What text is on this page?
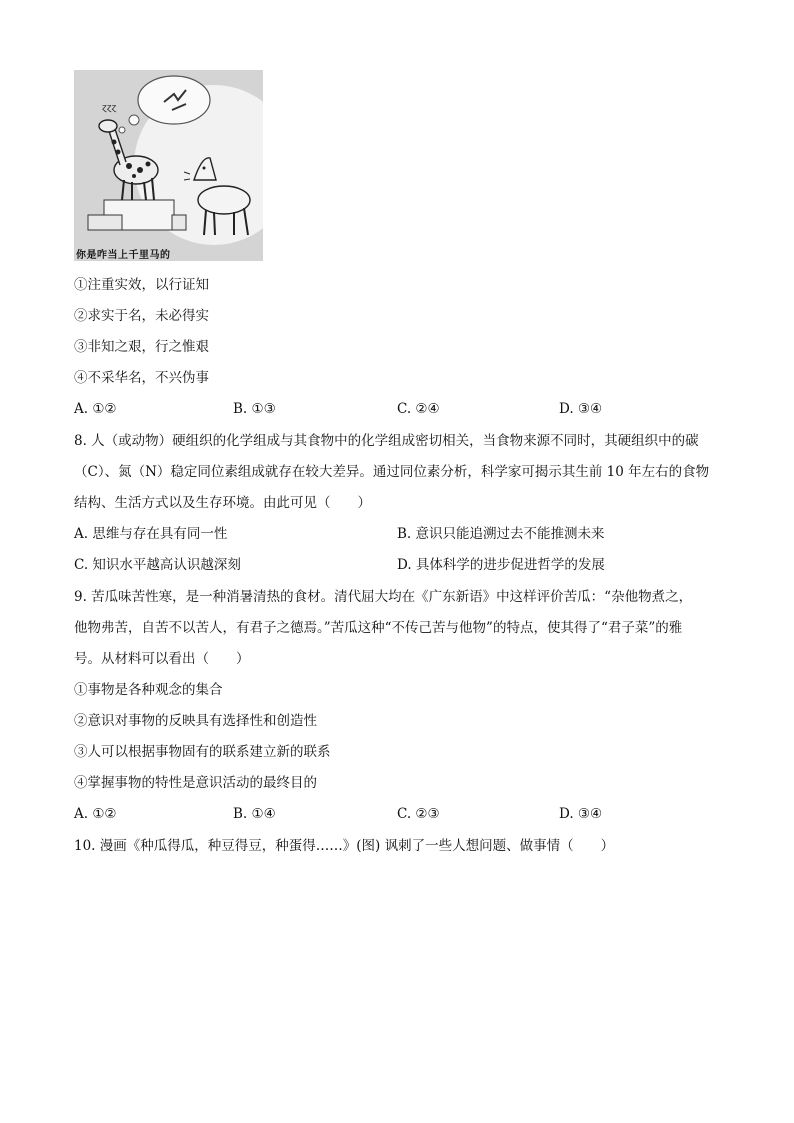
ɀɀɀ
你是咋当上千里马的
①注重实效，以行证知
②求实于名，未必得实
③非知之艰，行之惟艰
④不采华名，不兴伪事
A. ①②	B. ①③	C. ②④	D. ③④
8. 人（或动物）硬组织的化学组成与其食物中的化学组成密切相关，当食物来源不同时，其硬组织中的碳
（C）、氮（N）稳定同位素组成就存在较大差异。通过同位素分析，科学家可揭示其生前 10 年左右的食物
结构、生活方式以及生存环境。由此可见（　　）
A. 思维与存在具有同一性	B. 意识只能追溯过去不能推测未来
C. 知识水平越高认识越深刻	D. 具体科学的进步促进哲学的发展
9. 苦瓜味苦性寒，是一种消暑清热的食材。清代屈大均在《广东新语》中这样评价苦瓜：“杂他物煮之，
他物弗苦，自苦不以苦人，有君子之德焉。”苦瓜这种“不传己苦与他物”的特点，使其得了“君子菜”的雅
号。从材料可以看出（　　）
①事物是各种观念的集合
②意识对事物的反映具有选择性和创造性
③人可以根据事物固有的联系建立新的联系
④掌握事物的特性是意识活动的最终目的
A. ①②	B. ①④	C. ②③	D. ③④
10. 漫画《种瓜得瓜，种豆得豆，种蛋得……》(图) 讽刺了一些人想问题、做事情（　　）
